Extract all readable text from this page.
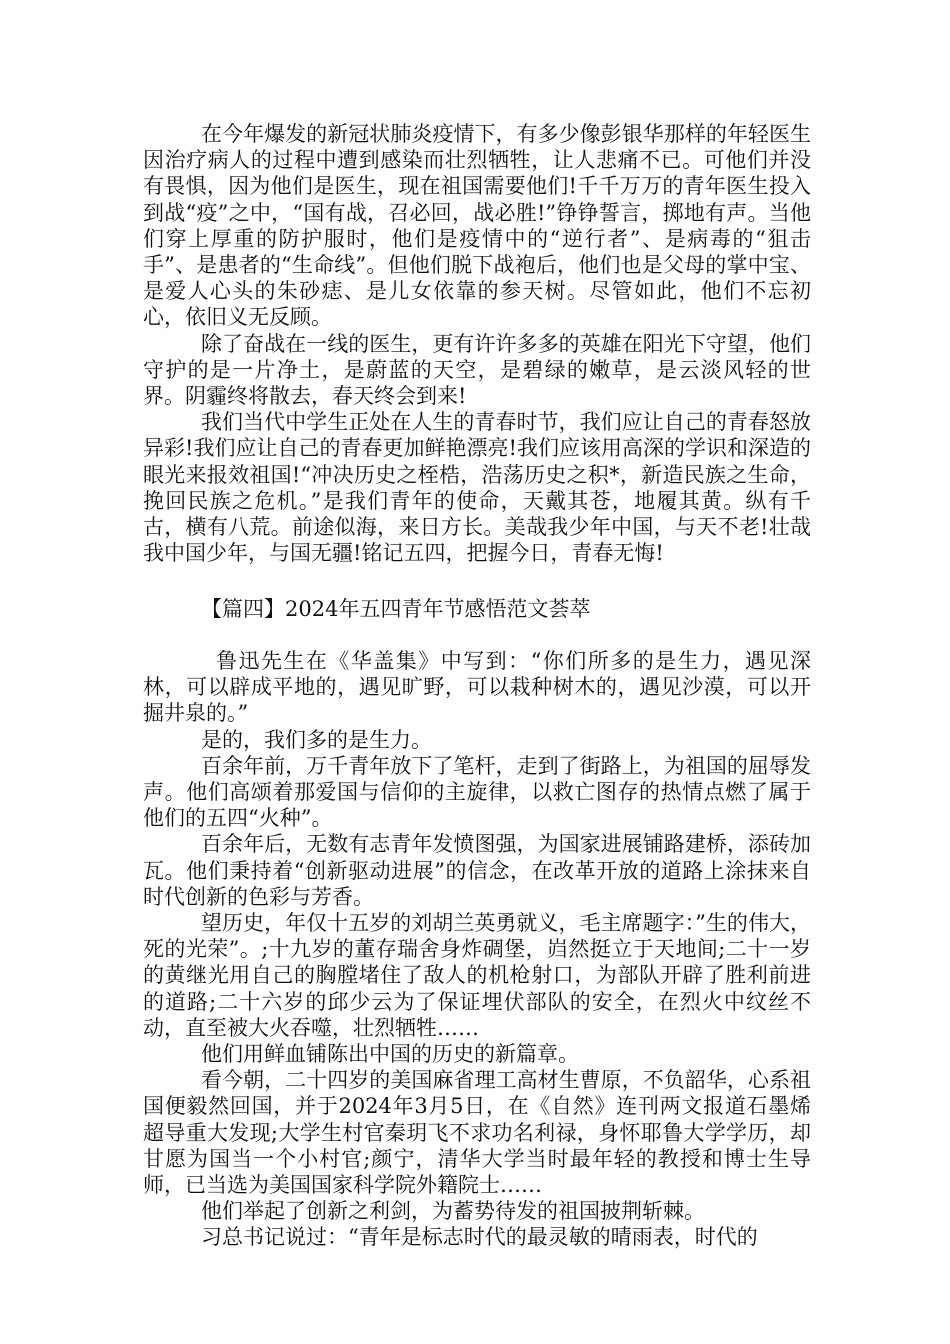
在今年爆发的新冠状肺炎疫情下，有多少像彭银华那样的年轻医生因治疗病人的过程中遭到感染而壮烈牺牲，让人悲痛不已。可他们并没有畏惧，因为他们是医生，现在祖国需要他们!千千万万的青年医生投入到战“疫”之中，“国有战，召必回，战必胜!”铮铮誓言，掷地有声。当他们穿上厚重的防护服时，他们是疫情中的“逆行者”、是病毒的“狙击手”、是患者的“生命线”。但他们脱下战袍后，他们也是父母的掌中宝、是爱人心头的朱砂痣、是儿女依靠的参天树。尽管如此，他们不忘初心，依旧义无反顾。

除了奋战在一线的医生，更有许许多多的英雄在阳光下守望，他们守护的是一片净土，是蔚蓝的天空，是碧绿的嫩草，是云淡风轻的世界。阴霾终将散去，春天终会到来!

我们当代中学生正处在人生的青春时节，我们应让自己的青春怒放异彩!我们应让自己的青春更加鲜艳漂亮!我们应该用高深的学识和深造的眼光来报效祖国!“冲决历史之桎梏，浩荡历史之积*，新造民族之生命，挽回民族之危机。”是我们青年的使命，天戴其苍，地履其黄。纵有千古，横有八荒。前途似海，来日方长。美哉我少年中国，与天不老!壮哉我中国少年，与国无疆!铭记五四，把握今日，青春无悔!

【篇四】2024年五四青年节感悟范文荟萃

鲁迅先生在《华盖集》中写到：“你们所多的是生力，遇见深林，可以辟成平地的，遇见旷野，可以栽种树木的，遇见沙漠，可以开掘井泉的。”

是的，我们多的是生力。

百余年前，万千青年放下了笔杆，走到了街路上，为祖国的屈辱发声。他们高颂着那爱国与信仰的主旋律，以救亡图存的热情点燃了属于他们的五四“火种”。

百余年后，无数有志青年发愤图强，为国家进展铺路建桥，添砖加瓦。他们秉持着“创新驱动进展”的信念，在改革开放的道路上涂抹来自时代创新的色彩与芳香。

望历史，年仅十五岁的刘胡兰英勇就义，毛主席题字：”生的伟大，死的光荣”。;十九岁的董存瑞舍身炸碉堡，岿然挺立于天地间;二十一岁的黄继光用自己的胸膛堵住了敌人的机枪射口，为部队开辟了胜利前进的道路;二十六岁的邱少云为了保证埋伏部队的安全，在烈火中纹丝不动，直至被大火吞噬，壮烈牺牲……

他们用鲜血铺陈出中国的历史的新篇章。

看今朝，二十四岁的美国麻省理工高材生曹原，不负韶华，心系祖国便毅然回国，并于2024年3月5日，在《自然》连刊两文报道石墨烯超导重大发现;大学生村官秦玥飞不求功名利禄，身怀耶鲁大学学历，却甘愿为国当一个小村官;颜宁，清华大学当时最年轻的教授和博士生导师，已当选为美国国家科学院外籍院士……

他们举起了创新之利剑，为蓄势待发的祖国披荆斩棘。

习总书记说过：“青年是标志时代的最灵敏的晴雨表，时代的
